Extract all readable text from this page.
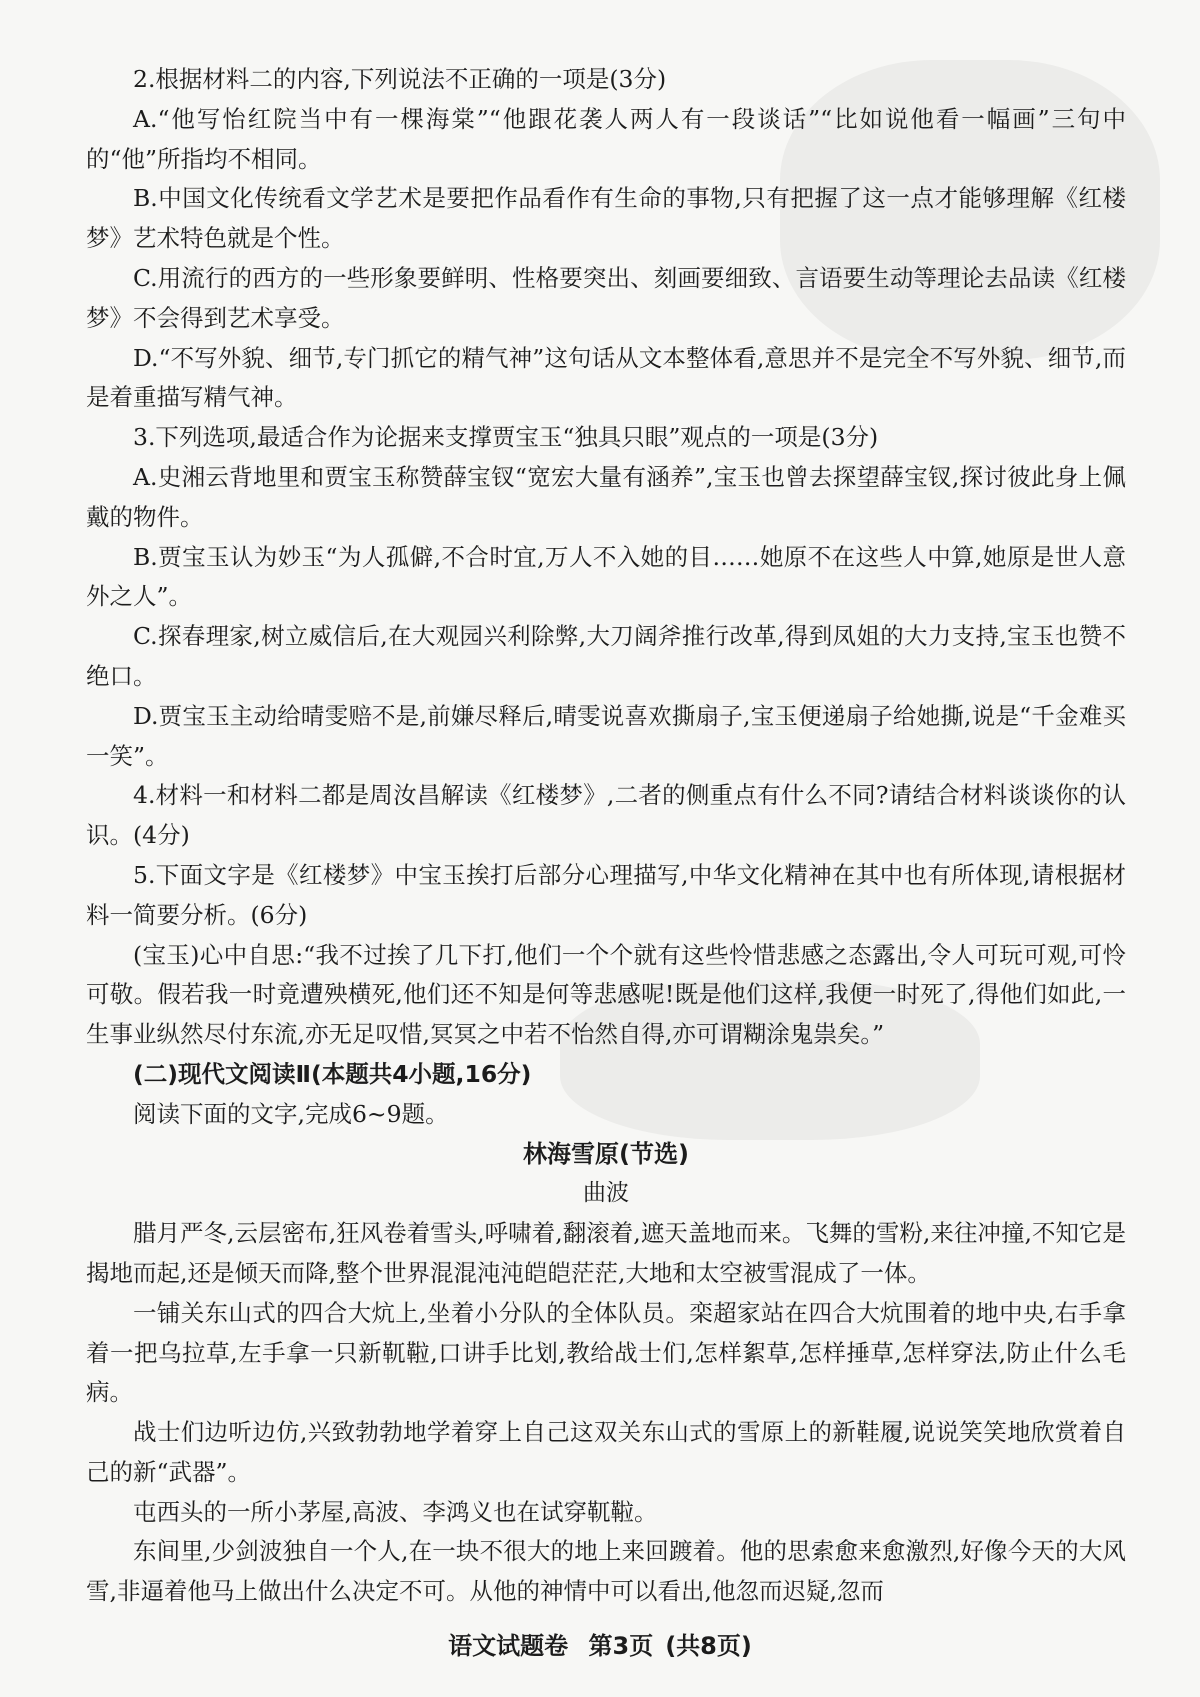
2.根据材料二的内容,下列说法不正确的一项是(3分)

A.“他写怡红院当中有一棵海棠”“他跟花袭人两人有一段谈话”“比如说他看一幅画”三句中的“他”所指均不相同。

B.中国文化传统看文学艺术是要把作品看作有生命的事物,只有把握了这一点才能够理解《红楼梦》艺术特色就是个性。

C.用流行的西方的一些形象要鲜明、性格要突出、刻画要细致、言语要生动等理论去品读《红楼梦》不会得到艺术享受。

D.“不写外貌、细节,专门抓它的精气神”这句话从文本整体看,意思并不是完全不写外貌、细节,而是着重描写精气神。

3.下列选项,最适合作为论据来支撑贾宝玉“独具只眼”观点的一项是(3分)

A.史湘云背地里和贾宝玉称赞薛宝钗“宽宏大量有涵养”,宝玉也曾去探望薛宝钗,探讨彼此身上佩戴的物件。

B.贾宝玉认为妙玉“为人孤僻,不合时宜,万人不入她的目……她原不在这些人中算,她原是世人意外之人”。

C.探春理家,树立威信后,在大观园兴利除弊,大刀阔斧推行改革,得到凤姐的大力支持,宝玉也赞不绝口。

D.贾宝玉主动给晴雯赔不是,前嫌尽释后,晴雯说喜欢撕扇子,宝玉便递扇子给她撕,说是“千金难买一笑”。

4.材料一和材料二都是周汝昌解读《红楼梦》,二者的侧重点有什么不同?请结合材料谈谈你的认识。(4分)

5.下面文字是《红楼梦》中宝玉挨打后部分心理描写,中华文化精神在其中也有所体现,请根据材料一简要分析。(6分)

(宝玉)心中自思:“我不过挨了几下打,他们一个个就有这些怜惜悲感之态露出,令人可玩可观,可怜可敬。假若我一时竟遭殃横死,他们还不知是何等悲感呢!既是他们这样,我便一时死了,得他们如此,一生事业纵然尽付东流,亦无足叹惜,冥冥之中若不怡然自得,亦可谓糊涂鬼祟矣。”

(二)现代文阅读Ⅱ(本题共4小题,16分)

阅读下面的文字,完成6~9题。

林海雪原(节选)

曲波

腊月严冬,云层密布,狂风卷着雪头,呼啸着,翻滚着,遮天盖地而来。飞舞的雪粉,来往冲撞,不知它是揭地而起,还是倾天而降,整个世界混混沌沌皑皑茫茫,大地和太空被雪混成了一体。

一铺关东山式的四合大炕上,坐着小分队的全体队员。栾超家站在四合大炕围着的地中央,右手拿着一把乌拉草,左手拿一只新靰鞡,口讲手比划,教给战士们,怎样絮草,怎样捶草,怎样穿法,防止什么毛病。

战士们边听边仿,兴致勃勃地学着穿上自己这双关东山式的雪原上的新鞋履,说说笑笑地欣赏着自己的新“武器”。

屯西头的一所小茅屋,高波、李鸿义也在试穿靰鞡。

东间里,少剑波独自一个人,在一块不很大的地上来回踱着。他的思索愈来愈激烈,好像今天的大风雪,非逼着他马上做出什么决定不可。从他的神情中可以看出,他忽而迟疑,忽而

语文试题卷 第3页 (共8页)
